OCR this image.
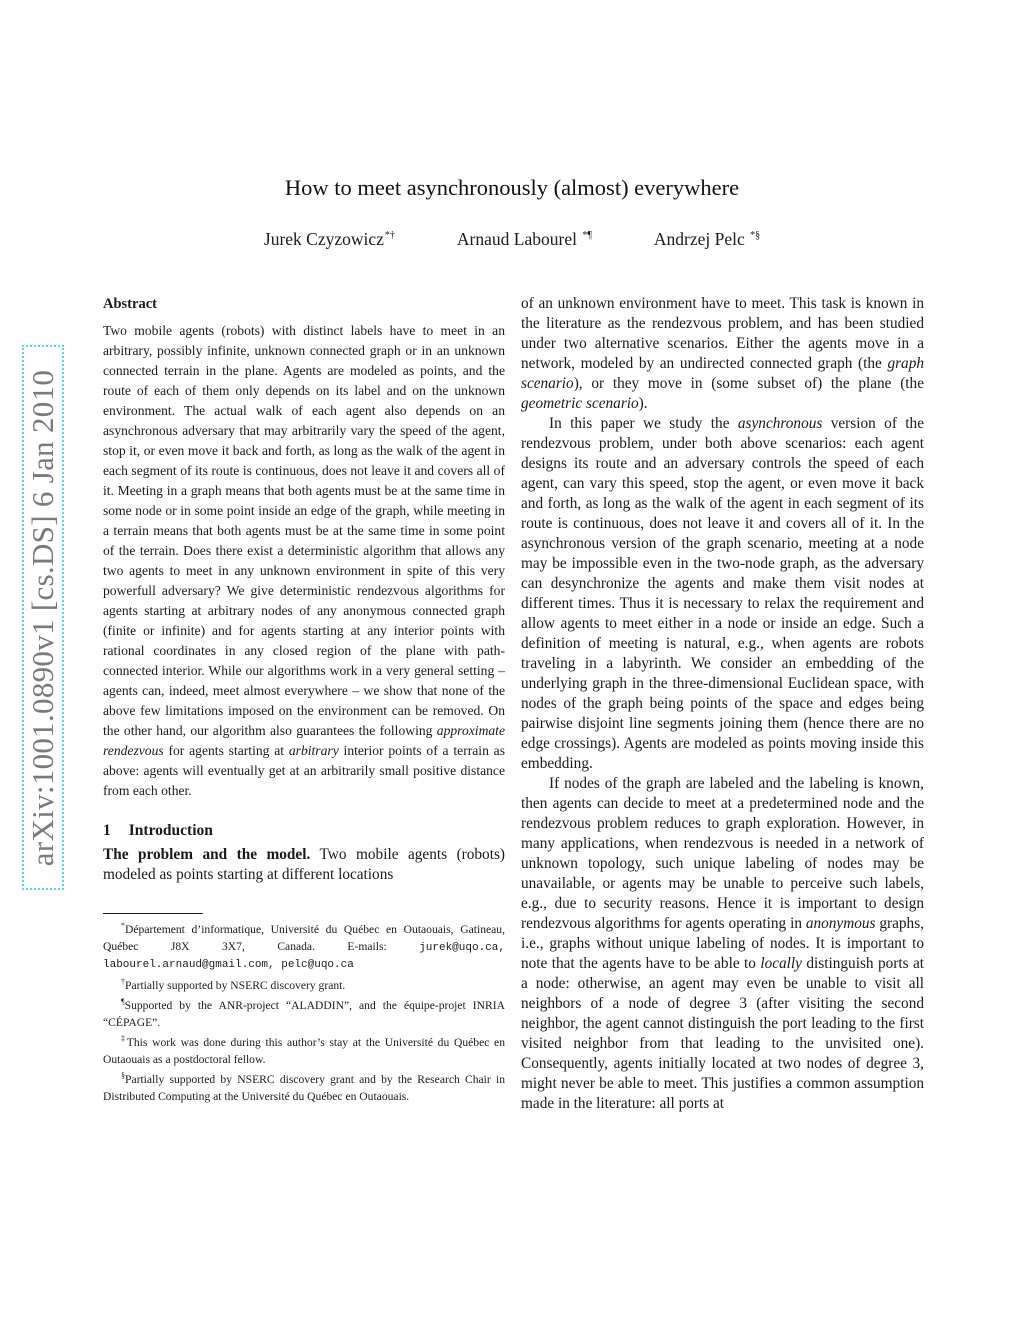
arXiv:1001.0890v1 [cs.DS] 6 Jan 2010
How to meet asynchronously (almost) everywhere
Jurek Czyzowicz*†	Arnaud Labourel *¶	Andrzej Pelc *§

Abstract

Two mobile agents (robots) with distinct labels have to meet in an arbitrary, possibly infinite, unknown connected graph or in an unknown connected terrain in the plane. Agents are modeled as points, and the route of each of them only depends on its label and on the unknown environment. The actual walk of each agent also depends on an asynchronous adversary that may arbitrarily vary the speed of the agent, stop it, or even move it back and forth, as long as the walk of the agent in each segment of its route is continuous, does not leave it and covers all of it. Meeting in a graph means that both agents must be at the same time in some node or in some point inside an edge of the graph, while meeting in a terrain means that both agents must be at the same time in some point of the terrain. Does there exist a deterministic algorithm that allows any two agents to meet in any unknown environment in spite of this very powerfull adversary? We give deterministic rendezvous algorithms for agents starting at arbitrary nodes of any anonymous connected graph (finite or infinite) and for agents starting at any interior points with rational coordinates in any closed region of the plane with path-connected interior. While our algorithms work in a very general setting – agents can, indeed, meet almost everywhere – we show that none of the above few limitations imposed on the environment can be removed. On the other hand, our algorithm also guarantees the following approximate rendezvous for agents starting at arbitrary interior points of a terrain as above: agents will eventually get at an arbitrarily small positive distance from each other.

1 Introduction

The problem and the model. Two mobile agents (robots) modeled as points starting at different locations

*Département d’informatique, Université du Québec en Outaouais, Gatineau, Québec J8X 3X7, Canada. E-mails: jurek@uqo.ca, labourel.arnaud@gmail.com, pelc@uqo.ca

†Partially supported by NSERC discovery grant.

¶Supported by the ANR-project “ALADDIN”, and the équipe-projet INRIA “CÉPAGE”.

‡This work was done during this author’s stay at the Université du Québec en Outaouais as a postdoctoral fellow.

§Partially supported by NSERC discovery grant and by the Research Chair in Distributed Computing at the Université du Québec en Outaouais.

of an unknown environment have to meet. This task is known in the literature as the rendezvous problem, and has been studied under two alternative scenarios. Either the agents move in a network, modeled by an undirected connected graph (the graph scenario), or they move in (some subset of) the plane (the geometric scenario).

In this paper we study the asynchronous version of the rendezvous problem, under both above scenarios: each agent designs its route and an adversary controls the speed of each agent, can vary this speed, stop the agent, or even move it back and forth, as long as the walk of the agent in each segment of its route is continuous, does not leave it and covers all of it. In the asynchronous version of the graph scenario, meeting at a node may be impossible even in the two-node graph, as the adversary can desynchronize the agents and make them visit nodes at different times. Thus it is necessary to relax the requirement and allow agents to meet either in a node or inside an edge. Such a definition of meeting is natural, e.g., when agents are robots traveling in a labyrinth. We consider an embedding of the underlying graph in the three-dimensional Euclidean space, with nodes of the graph being points of the space and edges being pairwise disjoint line segments joining them (hence there are no edge crossings). Agents are modeled as points moving inside this embedding.

If nodes of the graph are labeled and the labeling is known, then agents can decide to meet at a predetermined node and the rendezvous problem reduces to graph exploration. However, in many applications, when rendezvous is needed in a network of unknown topology, such unique labeling of nodes may be unavailable, or agents may be unable to perceive such labels, e.g., due to security reasons. Hence it is important to design rendezvous algorithms for agents operating in anonymous graphs, i.e., graphs without unique labeling of nodes. It is important to note that the agents have to be able to locally distinguish ports at a node: otherwise, an agent may even be unable to visit all neighbors of a node of degree 3 (after visiting the second neighbor, the agent cannot distinguish the port leading to the first visited neighbor from that leading to the unvisited one). Consequently, agents initially located at two nodes of degree 3, might never be able to meet. This justifies a common assumption made in the literature: all ports at
